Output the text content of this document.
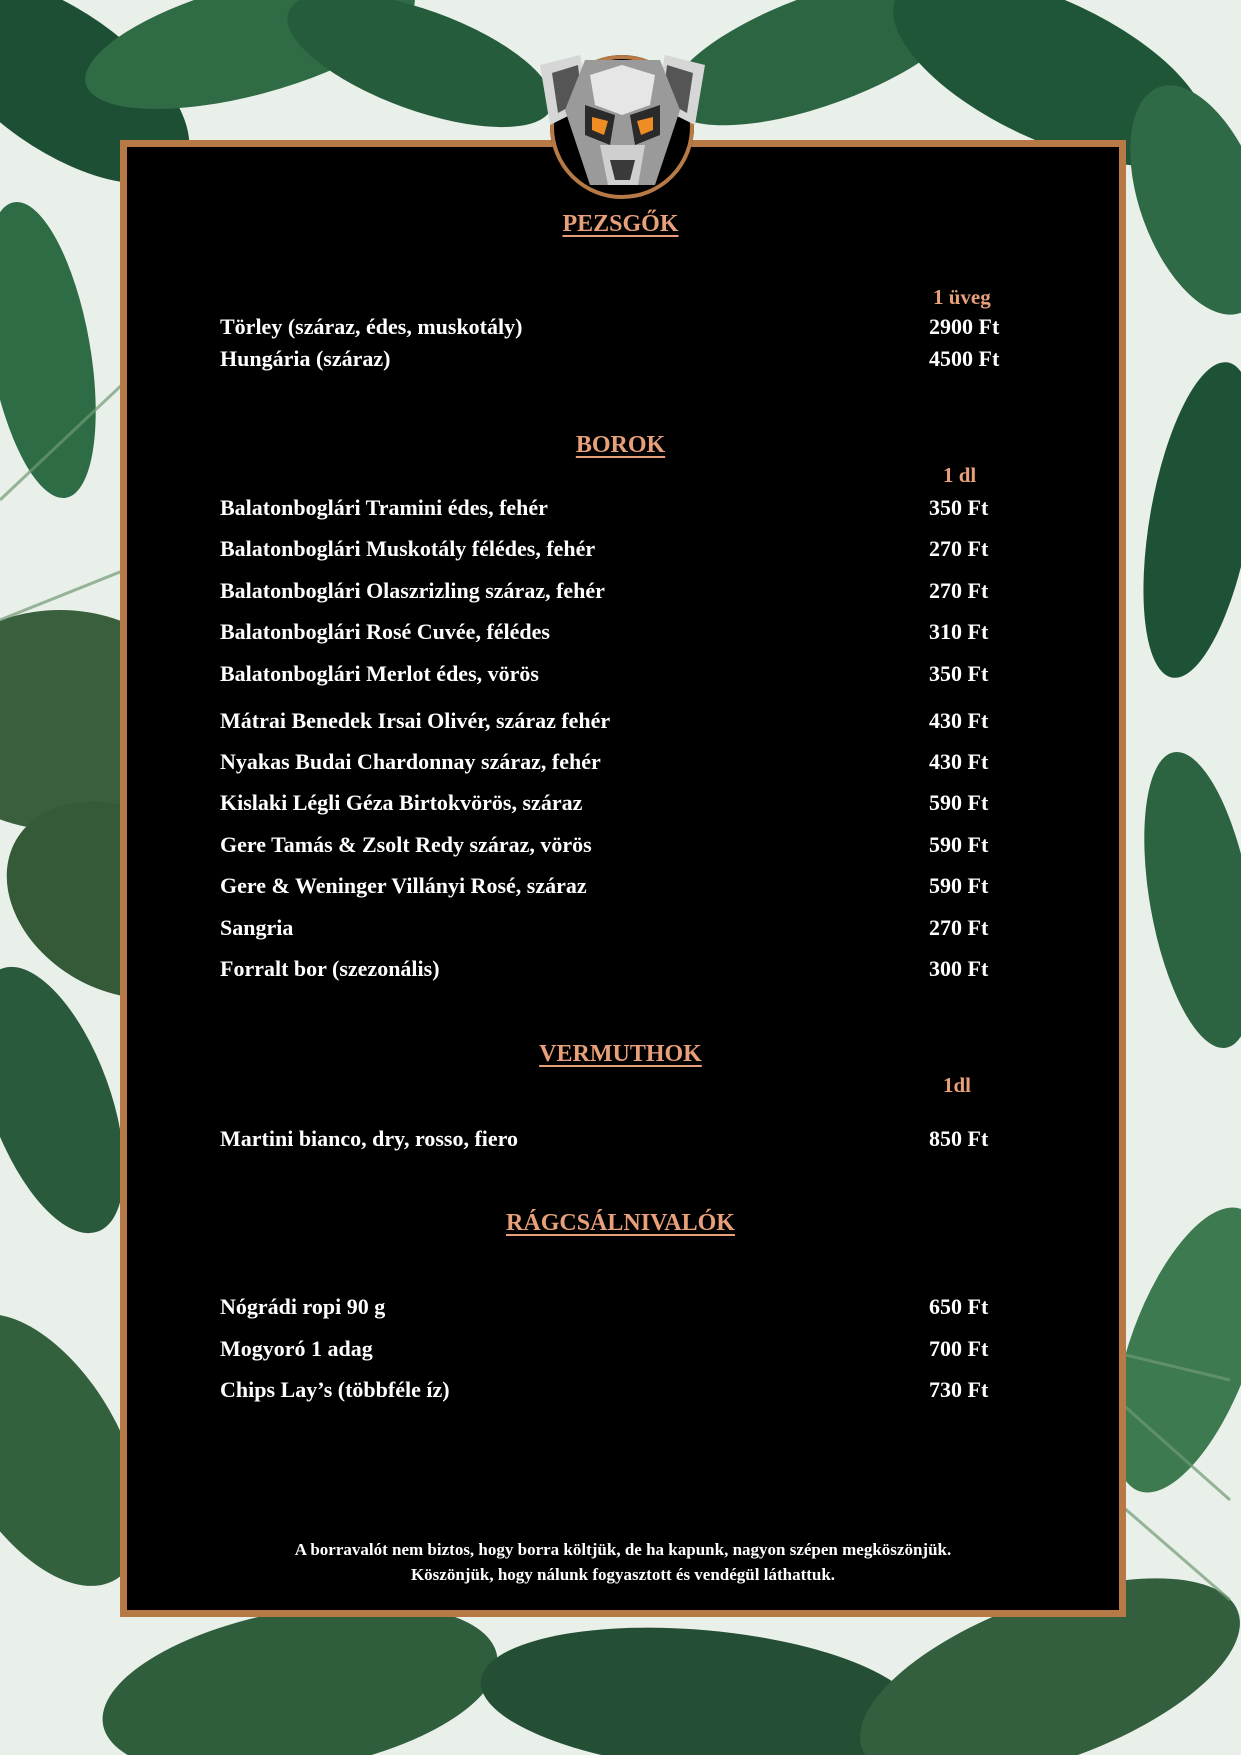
PEZSGŐK
1 üveg
Törley (száraz, édes, muskotály)	2900 Ft
Hungária (száraz)	4500 Ft
BOROK
1 dl
Balatonboglári Tramini édes, fehér	350 Ft
Balatonboglári Muskotály félédes, fehér	270 Ft
Balatonboglári Olaszrizling száraz, fehér	270 Ft
Balatonboglári Rosé Cuvée, félédes	310 Ft
Balatonboglári Merlot édes, vörös	350 Ft
Mátrai Benedek Irsai Olivér, száraz fehér	430 Ft
Nyakas Budai Chardonnay száraz, fehér	430 Ft
Kislaki Légli Géza Birtokvörös, száraz	590 Ft
Gere Tamás & Zsolt Redy száraz, vörös	590 Ft
Gere & Weninger Villányi Rosé, száraz	590 Ft
Sangria	270 Ft
Forralt bor (szezonális)	300 Ft
VERMUTHOK
1dl
Martini bianco, dry, rosso, fiero	850 Ft
RÁGCSÁLNIVALÓK
Nógrádi ropi 90 g	650 Ft
Mogyoró 1 adag	700 Ft
Chips Lay’s (többféle íz)	730 Ft
A borravalót nem biztos, hogy borra költjük, de ha kapunk, nagyon szépen megköszönjük.
Köszönjük, hogy nálunk fogyasztott és vendégül láthattuk.
